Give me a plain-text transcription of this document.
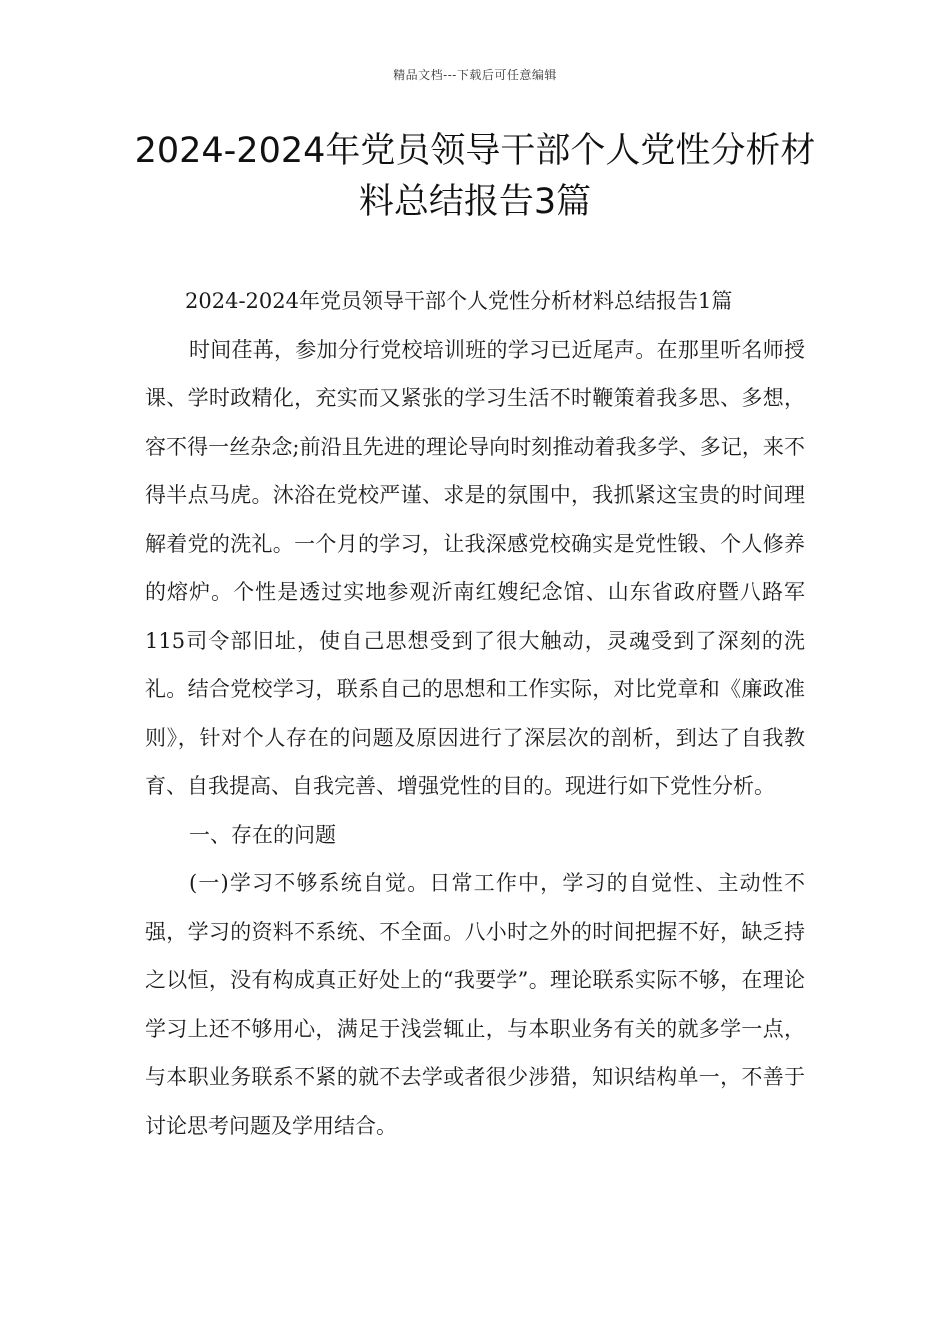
精品文档---下载后可任意编辑
2024-2024年党员领导干部个人党性分析材料总结报告3篇

2024-2024年党员领导干部个人党性分析材料总结报告1篇

时间荏苒，参加分行党校培训班的学习已近尾声。在那里听名师授课、学时政精化，充实而又紧张的学习生活不时鞭策着我多思、多想，容不得一丝杂念;前沿且先进的理论导向时刻推动着我多学、多记，来不得半点马虎。沐浴在党校严谨、求是的氛围中，我抓紧这宝贵的时间理解着党的洗礼。一个月的学习，让我深感党校确实是党性锻、个人修养的熔炉。个性是透过实地参观沂南红嫂纪念馆、山东省政府暨八路军115司令部旧址，使自己思想受到了很大触动，灵魂受到了深刻的洗礼。结合党校学习，联系自己的思想和工作实际，对比党章和《廉政准则》，针对个人存在的问题及原因进行了深层次的剖析，到达了自我教育、自我提高、自我完善、增强党性的目的。现进行如下党性分析。

一、存在的问题

(一)学习不够系统自觉。日常工作中，学习的自觉性、主动性不强，学习的资料不系统、不全面。八小时之外的时间把握不好，缺乏持之以恒，没有构成真正好处上的“我要学”。理论联系实际不够，在理论学习上还不够用心，满足于浅尝辄止，与本职业务有关的就多学一点，与本职业务联系不紧的就不去学或者很少涉猎，知识结构单一，不善于讨论思考问题及学用结合。
